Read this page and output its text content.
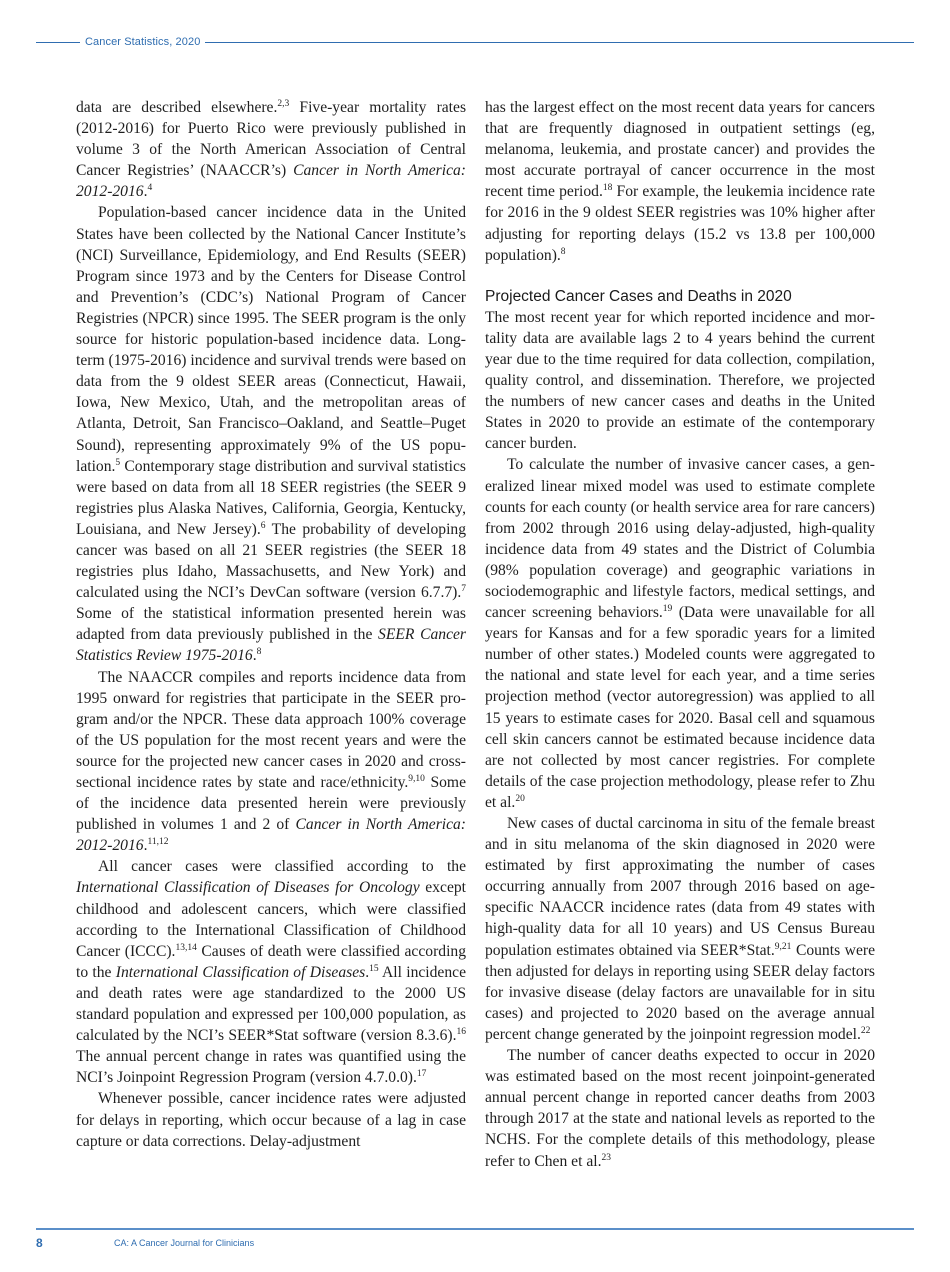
Cancer Statistics, 2020

data are described elsewhere.$^{2,3}$ Five-year mortality rates (2012-2016) for Puerto Rico were previously published in volume 3 of the North American Association of Central Cancer Registries’ (NAACCR’s) Cancer in North America: 2012-2016.$^4$

Population-based cancer incidence data in the United States have been collected by the National Cancer Institute’s (NCI) Surveillance, Epidemiology, and End Results (SEER) Program since 1973 and by the Centers for Disease Control and Prevention’s (CDC’s) National Program of Cancer Registries (NPCR) since 1995. The SEER program is the only source for historic population-based incidence data. Long-term (1975-2016) incidence and survival trends were based on data from the 9 oldest SEER areas (Connecticut, Hawaii, Iowa, New Mexico, Utah, and the metropolitan areas of Atlanta, Detroit, San Francisco–Oakland, and Seattle–Puget Sound), representing approximately 9% of the US population.$^5$ Contemporary stage distribution and survival statistics were based on data from all 18 SEER registries (the SEER 9 registries plus Alaska Natives, California, Georgia, Kentucky, Louisiana, and New Jersey).$^6$ The probability of developing cancer was based on all 21 SEER registries (the SEER 18 registries plus Idaho, Massachusetts, and New York) and calculated using the NCI’s DevCan software (version 6.7.7).$^7$ Some of the statistical information presented herein was adapted from data previously published in the SEER Cancer Statistics Review 1975-2016.$^8$

The NAACCR compiles and reports incidence data from 1995 onward for registries that participate in the SEER program and/or the NPCR. These data approach 100% coverage of the US population for the most recent years and were the source for the projected new cancer cases in 2020 and cross-sectional incidence rates by state and race/ethnicity.$^{9,10}$ Some of the incidence data presented herein were previously published in volumes 1 and 2 of Cancer in North America: 2012-2016.$^{11,12}$

All cancer cases were classified according to the International Classification of Diseases for Oncology except childhood and adolescent cancers, which were classified according to the International Classification of Childhood Cancer (ICCC).$^{13,14}$ Causes of death were classified according to the International Classification of Diseases.$^{15}$ All incidence and death rates were age standardized to the 2000 US standard population and expressed per 100,000 population, as calculated by the NCI’s SEER*Stat software (version 8.3.6).$^{16}$ The annual percent change in rates was quantified using the NCI’s Joinpoint Regression Program (version 4.7.0.0).$^{17}$

Whenever possible, cancer incidence rates were adjusted for delays in reporting, which occur because of a lag in case capture or data corrections. Delay-adjustment

has the largest effect on the most recent data years for cancers that are frequently diagnosed in outpatient settings (eg, melanoma, leukemia, and prostate cancer) and provides the most accurate portrayal of cancer occurrence in the most recent time period.$^{18}$ For example, the leukemia incidence rate for 2016 in the 9 oldest SEER registries was 10% higher after adjusting for reporting delays (15.2 vs 13.8 per 100,000 population).$^8$

Projected Cancer Cases and Deaths in 2020

The most recent year for which reported incidence and mortality data are available lags 2 to 4 years behind the current year due to the time required for data collection, compilation, quality control, and dissemination. Therefore, we projected the numbers of new cancer cases and deaths in the United States in 2020 to provide an estimate of the contemporary cancer burden.

To calculate the number of invasive cancer cases, a generalized linear mixed model was used to estimate complete counts for each county (or health service area for rare cancers) from 2002 through 2016 using delay-adjusted, high-quality incidence data from 49 states and the District of Columbia (98% population coverage) and geographic variations in sociodemographic and lifestyle factors, medical settings, and cancer screening behaviors.$^{19}$ (Data were unavailable for all years for Kansas and for a few sporadic years for a limited number of other states.) Modeled counts were aggregated to the national and state level for each year, and a time series projection method (vector autoregression) was applied to all 15 years to estimate cases for 2020. Basal cell and squamous cell skin cancers cannot be estimated because incidence data are not collected by most cancer registries. For complete details of the case projection methodology, please refer to Zhu et al.$^{20}$

New cases of ductal carcinoma in situ of the female breast and in situ melanoma of the skin diagnosed in 2020 were estimated by first approximating the number of cases occurring annually from 2007 through 2016 based on age-specific NAACCR incidence rates (data from 49 states with high-quality data for all 10 years) and US Census Bureau population estimates obtained via SEER*Stat.$^{9,21}$ Counts were then adjusted for delays in reporting using SEER delay factors for invasive disease (delay factors are unavailable for in situ cases) and projected to 2020 based on the average annual percent change generated by the joinpoint regression model.$^{22}$

The number of cancer deaths expected to occur in 2020 was estimated based on the most recent joinpoint-generated annual percent change in reported cancer deaths from 2003 through 2017 at the state and national levels as reported to the NCHS. For the complete details of this methodology, please refer to Chen et al.$^{23}$

8	CA: A Cancer Journal for Clinicians
